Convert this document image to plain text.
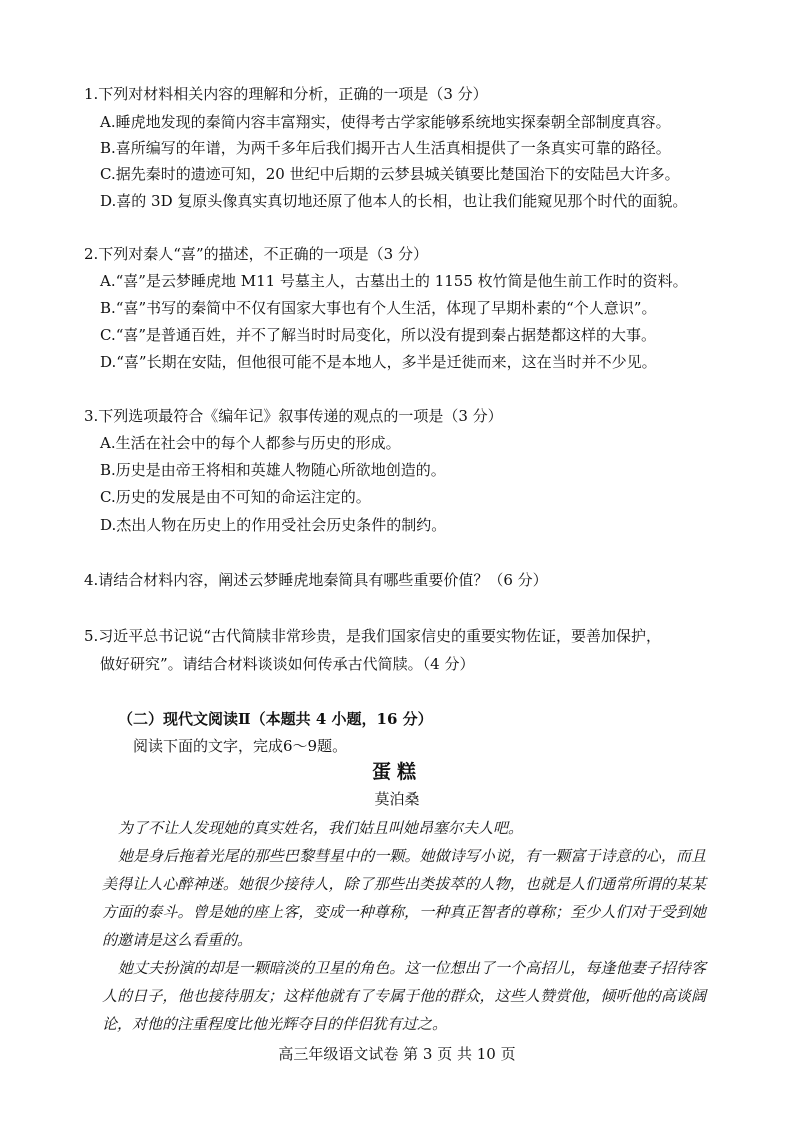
1.下列对材料相关内容的理解和分析，正确的一项是（3 分）
A.睡虎地发现的秦简内容丰富翔实，使得考古学家能够系统地实探秦朝全部制度真容。
B.喜所编写的年谱，为两千多年后我们揭开古人生活真相提供了一条真实可靠的路径。
C.据先秦时的遗迹可知，20 世纪中后期的云梦县城关镇要比楚国治下的安陆邑大许多。
D.喜的 3D 复原头像真实真切地还原了他本人的长相，也让我们能窥见那个时代的面貌。
2.下列对秦人“喜”的描述，不正确的一项是（3 分）
A.“喜”是云梦睡虎地 M11 号墓主人，古墓出土的 1155 枚竹简是他生前工作时的资料。
B.“喜”书写的秦简中不仅有国家大事也有个人生活，体现了早期朴素的“个人意识”。
C.“喜”是普通百姓，并不了解当时时局变化，所以没有提到秦占据楚都这样的大事。
D.“喜”长期在安陆，但他很可能不是本地人，多半是迁徙而来，这在当时并不少见。
3.下列选项最符合《编年记》叙事传递的观点的一项是（3 分）
A.生活在社会中的每个人都参与历史的形成。
B.历史是由帝王将相和英雄人物随心所欲地创造的。
C.历史的发展是由不可知的命运注定的。
D.杰出人物在历史上的作用受社会历史条件的制约。
4.请结合材料内容，阐述云梦睡虎地秦简具有哪些重要价值？（6 分）
5.习近平总书记说“古代简牍非常珍贵，是我们国家信史的重要实物佐证，要善加保护，
做好研究”。请结合材料谈谈如何传承古代简牍。（4 分）
（二）现代文阅读Ⅱ（本题共 4 小题，16 分）
阅读下面的文字，完成6～9题。
蛋糕
莫泊桑
为了不让人发现她的真实姓名，我们姑且叫她昂塞尔夫人吧。
她是身后拖着光尾的那些巴黎彗星中的一颗。她做诗写小说，有一颗富于诗意的心，而且美得让人心醉神迷。她很少接待人，除了那些出类拔萃的人物，也就是人们通常所谓的某某方面的泰斗。曾是她的座上客，变成一种尊称，一种真正智者的尊称；至少人们对于受到她的邀请是这么看重的。
她丈夫扮演的却是一颗暗淡的卫星的角色。这一位想出了一个高招儿，每逢他妻子招待客人的日子，他也接待朋友；这样他就有了专属于他的群众，这些人赞赏他，倾听他的高谈阔论，对他的注重程度比他光辉夺目的伴侣犹有过之。
高三年级语文试卷 第 3 页 共 10 页
